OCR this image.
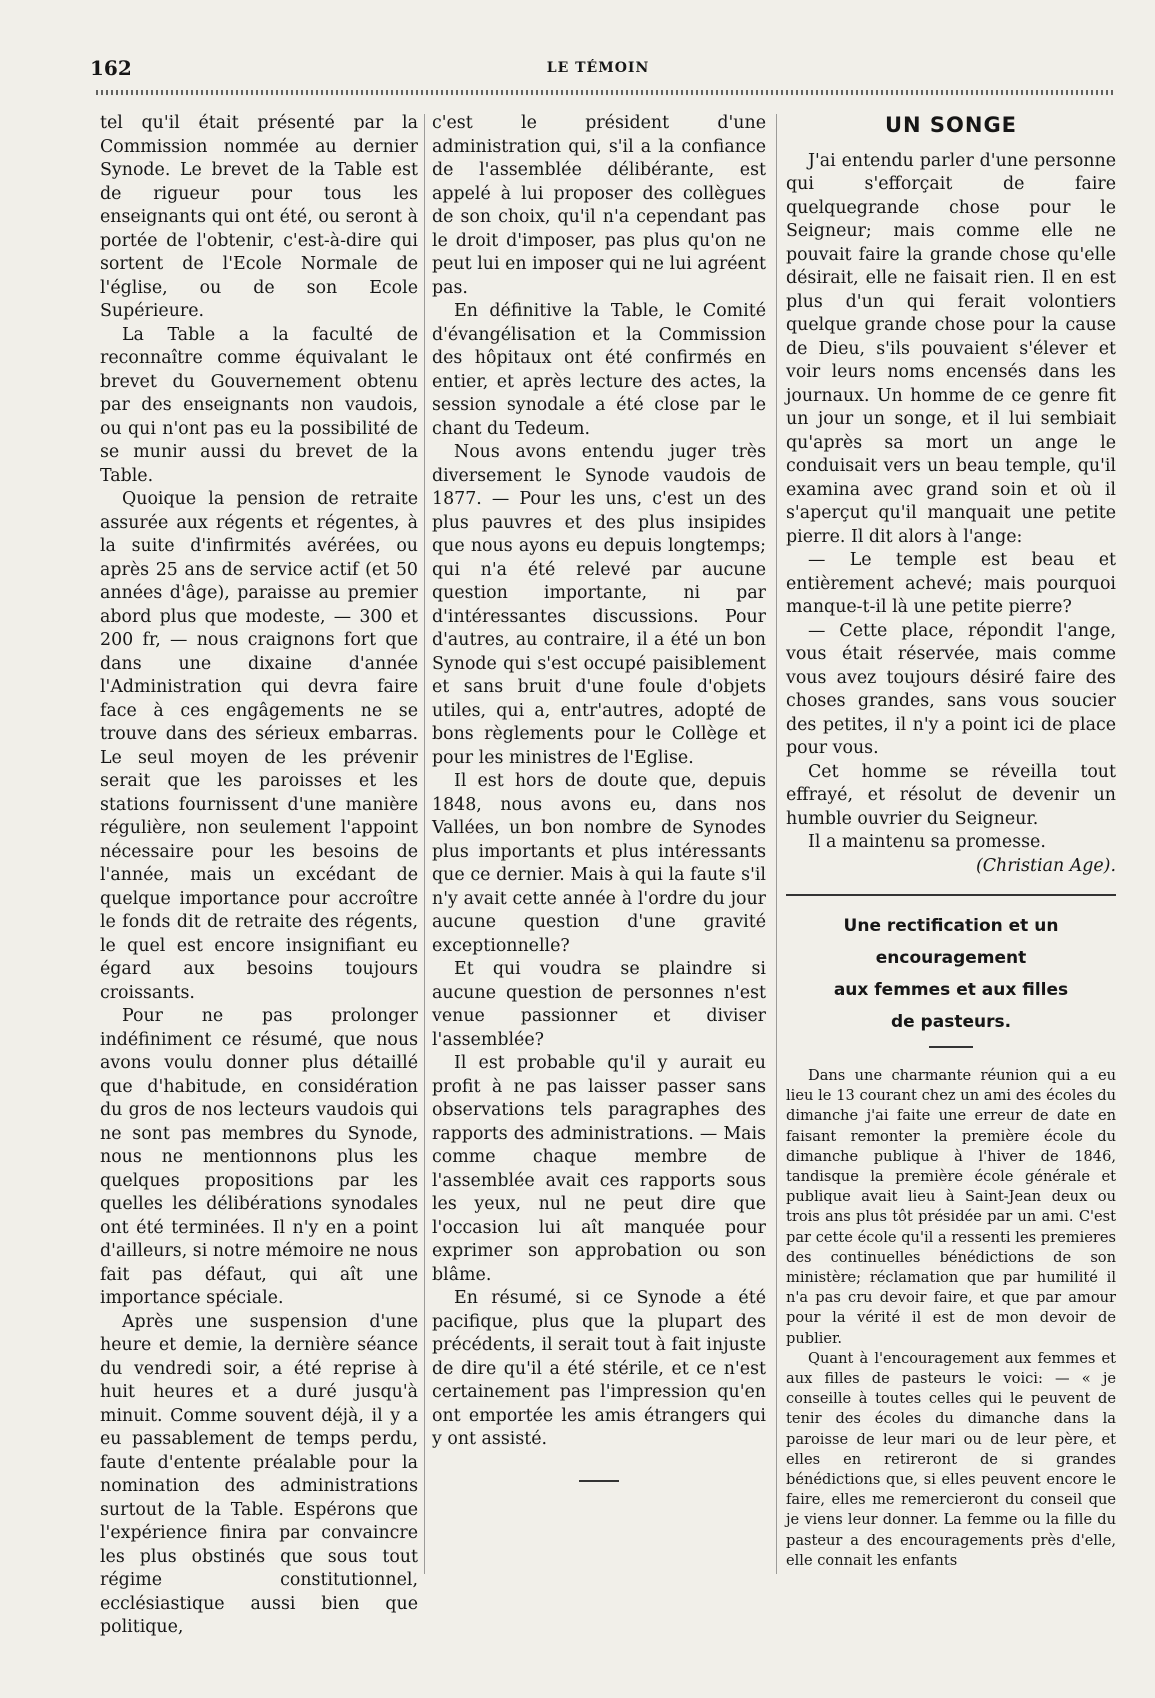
162	LE TÉMOIN

tel qu'il était présenté par la Commission nommée au dernier Synode. Le brevet de la Table est de rigueur pour tous les enseignants qui ont été, ou seront à portée de l'obtenir, c'est-à-dire qui sortent de l'Ecole Normale de l'église, ou de son Ecole Supérieure.

La Table a la faculté de reconnaître comme équivalant le brevet du Gouvernement obtenu par des enseignants non vaudois, ou qui n'ont pas eu la possibilité de se munir aussi du brevet de la Table.

Quoique la pension de retraite assurée aux régents et régentes, à la suite d'infirmités avérées, ou après 25 ans de service actif (et 50 années d'âge), paraisse au premier abord plus que modeste, — 300 et 200 fr, — nous craignons fort que dans une dixaine d'année l'Administration qui devra faire face à ces engâgements ne se trouve dans des sérieux embarras. Le seul moyen de les prévenir serait que les paroisses et les stations fournissent d'une manière régulière, non seulement l'appoint nécessaire pour les besoins de l'année, mais un excédant de quelque importance pour accroître le fonds dit de retraite des régents, le quel est encore insignifiant eu égard aux besoins toujours croissants.

Pour ne pas prolonger indéfiniment ce résumé, que nous avons voulu donner plus détaillé que d'habitude, en considération du gros de nos lecteurs vaudois qui ne sont pas membres du Synode, nous ne mentionnons plus les quelques propositions par les quelles les délibérations synodales ont été terminées. Il n'y en a point d'ailleurs, si notre mémoire ne nous fait pas défaut, qui aît une importance spéciale.

Après une suspension d'une heure et demie, la dernière séance du vendredi soir, a été reprise à huit heures et a duré jusqu'à minuit. Comme souvent déjà, il y a eu passablement de temps perdu, faute d'entente préalable pour la nomination des administrations surtout de la Table. Espérons que l'expérience finira par convaincre les plus obstinés que sous tout régime constitutionnel, ecclésiastique aussi bien que politique,

c'est le président d'une administration qui, s'il a la confiance de l'assemblée délibérante, est appelé à lui proposer des collègues de son choix, qu'il n'a cependant pas le droit d'imposer, pas plus qu'on ne peut lui en imposer qui ne lui agréent pas.

En définitive la Table, le Comité d'évangélisation et la Commission des hôpitaux ont été confirmés en entier, et après lecture des actes, la session synodale a été close par le chant du Tedeum.

Nous avons entendu juger très diversement le Synode vaudois de 1877. — Pour les uns, c'est un des plus pauvres et des plus insipides que nous ayons eu depuis longtemps; qui n'a été relevé par aucune question importante, ni par d'intéressantes discussions. Pour d'autres, au contraire, il a été un bon Synode qui s'est occupé paisiblement et sans bruit d'une foule d'objets utiles, qui a, entr'autres, adopté de bons règlements pour le Collège et pour les ministres de l'Eglise.

Il est hors de doute que, depuis 1848, nous avons eu, dans nos Vallées, un bon nombre de Synodes plus importants et plus intéressants que ce dernier. Mais à qui la faute s'il n'y avait cette année à l'ordre du jour aucune question d'une gravité exceptionnelle?

Et qui voudra se plaindre si aucune question de personnes n'est venue passionner et diviser l'assemblée?

Il est probable qu'il y aurait eu profit à ne pas laisser passer sans observations tels paragraphes des rapports des administrations. — Mais comme chaque membre de l'assemblée avait ces rapports sous les yeux, nul ne peut dire que l'occasion lui aît manquée pour exprimer son approbation ou son blâme.

En résumé, si ce Synode a été pacifique, plus que la plupart des précédents, il serait tout à fait injuste de dire qu'il a été stérile, et ce n'est certainement pas l'impression qu'en ont emportée les amis étrangers qui y ont assisté.

UN SONGE

J'ai entendu parler d'une personne qui s'efforçait de faire quelquegrande chose pour le Seigneur; mais comme elle ne pouvait faire la grande chose qu'elle désirait, elle ne faisait rien. Il en est plus d'un qui ferait volontiers quelque grande chose pour la cause de Dieu, s'ils pouvaient s'élever et voir leurs noms encensés dans les journaux. Un homme de ce genre fit un jour un songe, et il lui sembiait qu'après sa mort un ange le conduisait vers un beau temple, qu'il examina avec grand soin et où il s'aperçut qu'il manquait une petite pierre. Il dit alors à l'ange:

— Le temple est beau et entièrement achevé; mais pourquoi manque-t-il là une petite pierre?

— Cette place, répondit l'ange, vous était réservée, mais comme vous avez toujours désiré faire des choses grandes, sans vous soucier des petites, il n'y a point ici de place pour vous.

Cet homme se réveilla tout effrayé, et résolut de devenir un humble ouvrier du Seigneur.

Il a maintenu sa promesse.

(Christian Age).

Une rectification et un encouragement
aux femmes et aux filles
de pasteurs.

Dans une charmante réunion qui a eu lieu le 13 courant chez un ami des écoles du dimanche j'ai faite une erreur de date en faisant remonter la première école du dimanche publique à l'hiver de 1846, tandisque la première école générale et publique avait lieu à Saint-Jean deux ou trois ans plus tôt présidée par un ami. C'est par cette école qu'il a ressenti les premieres des continuelles bénédictions de son ministère; réclamation que par humilité il n'a pas cru devoir faire, et que par amour pour la vérité il est de mon devoir de publier.

Quant à l'encouragement aux femmes et aux filles de pasteurs le voici: — « je conseille à toutes celles qui le peuvent de tenir des écoles du dimanche dans la paroisse de leur mari ou de leur père, et elles en retireront de si grandes bénédictions que, si elles peuvent encore le faire, elles me remercieront du conseil que je viens leur donner. La femme ou la fille du pasteur a des encouragements près d'elle, elle connait les enfants
